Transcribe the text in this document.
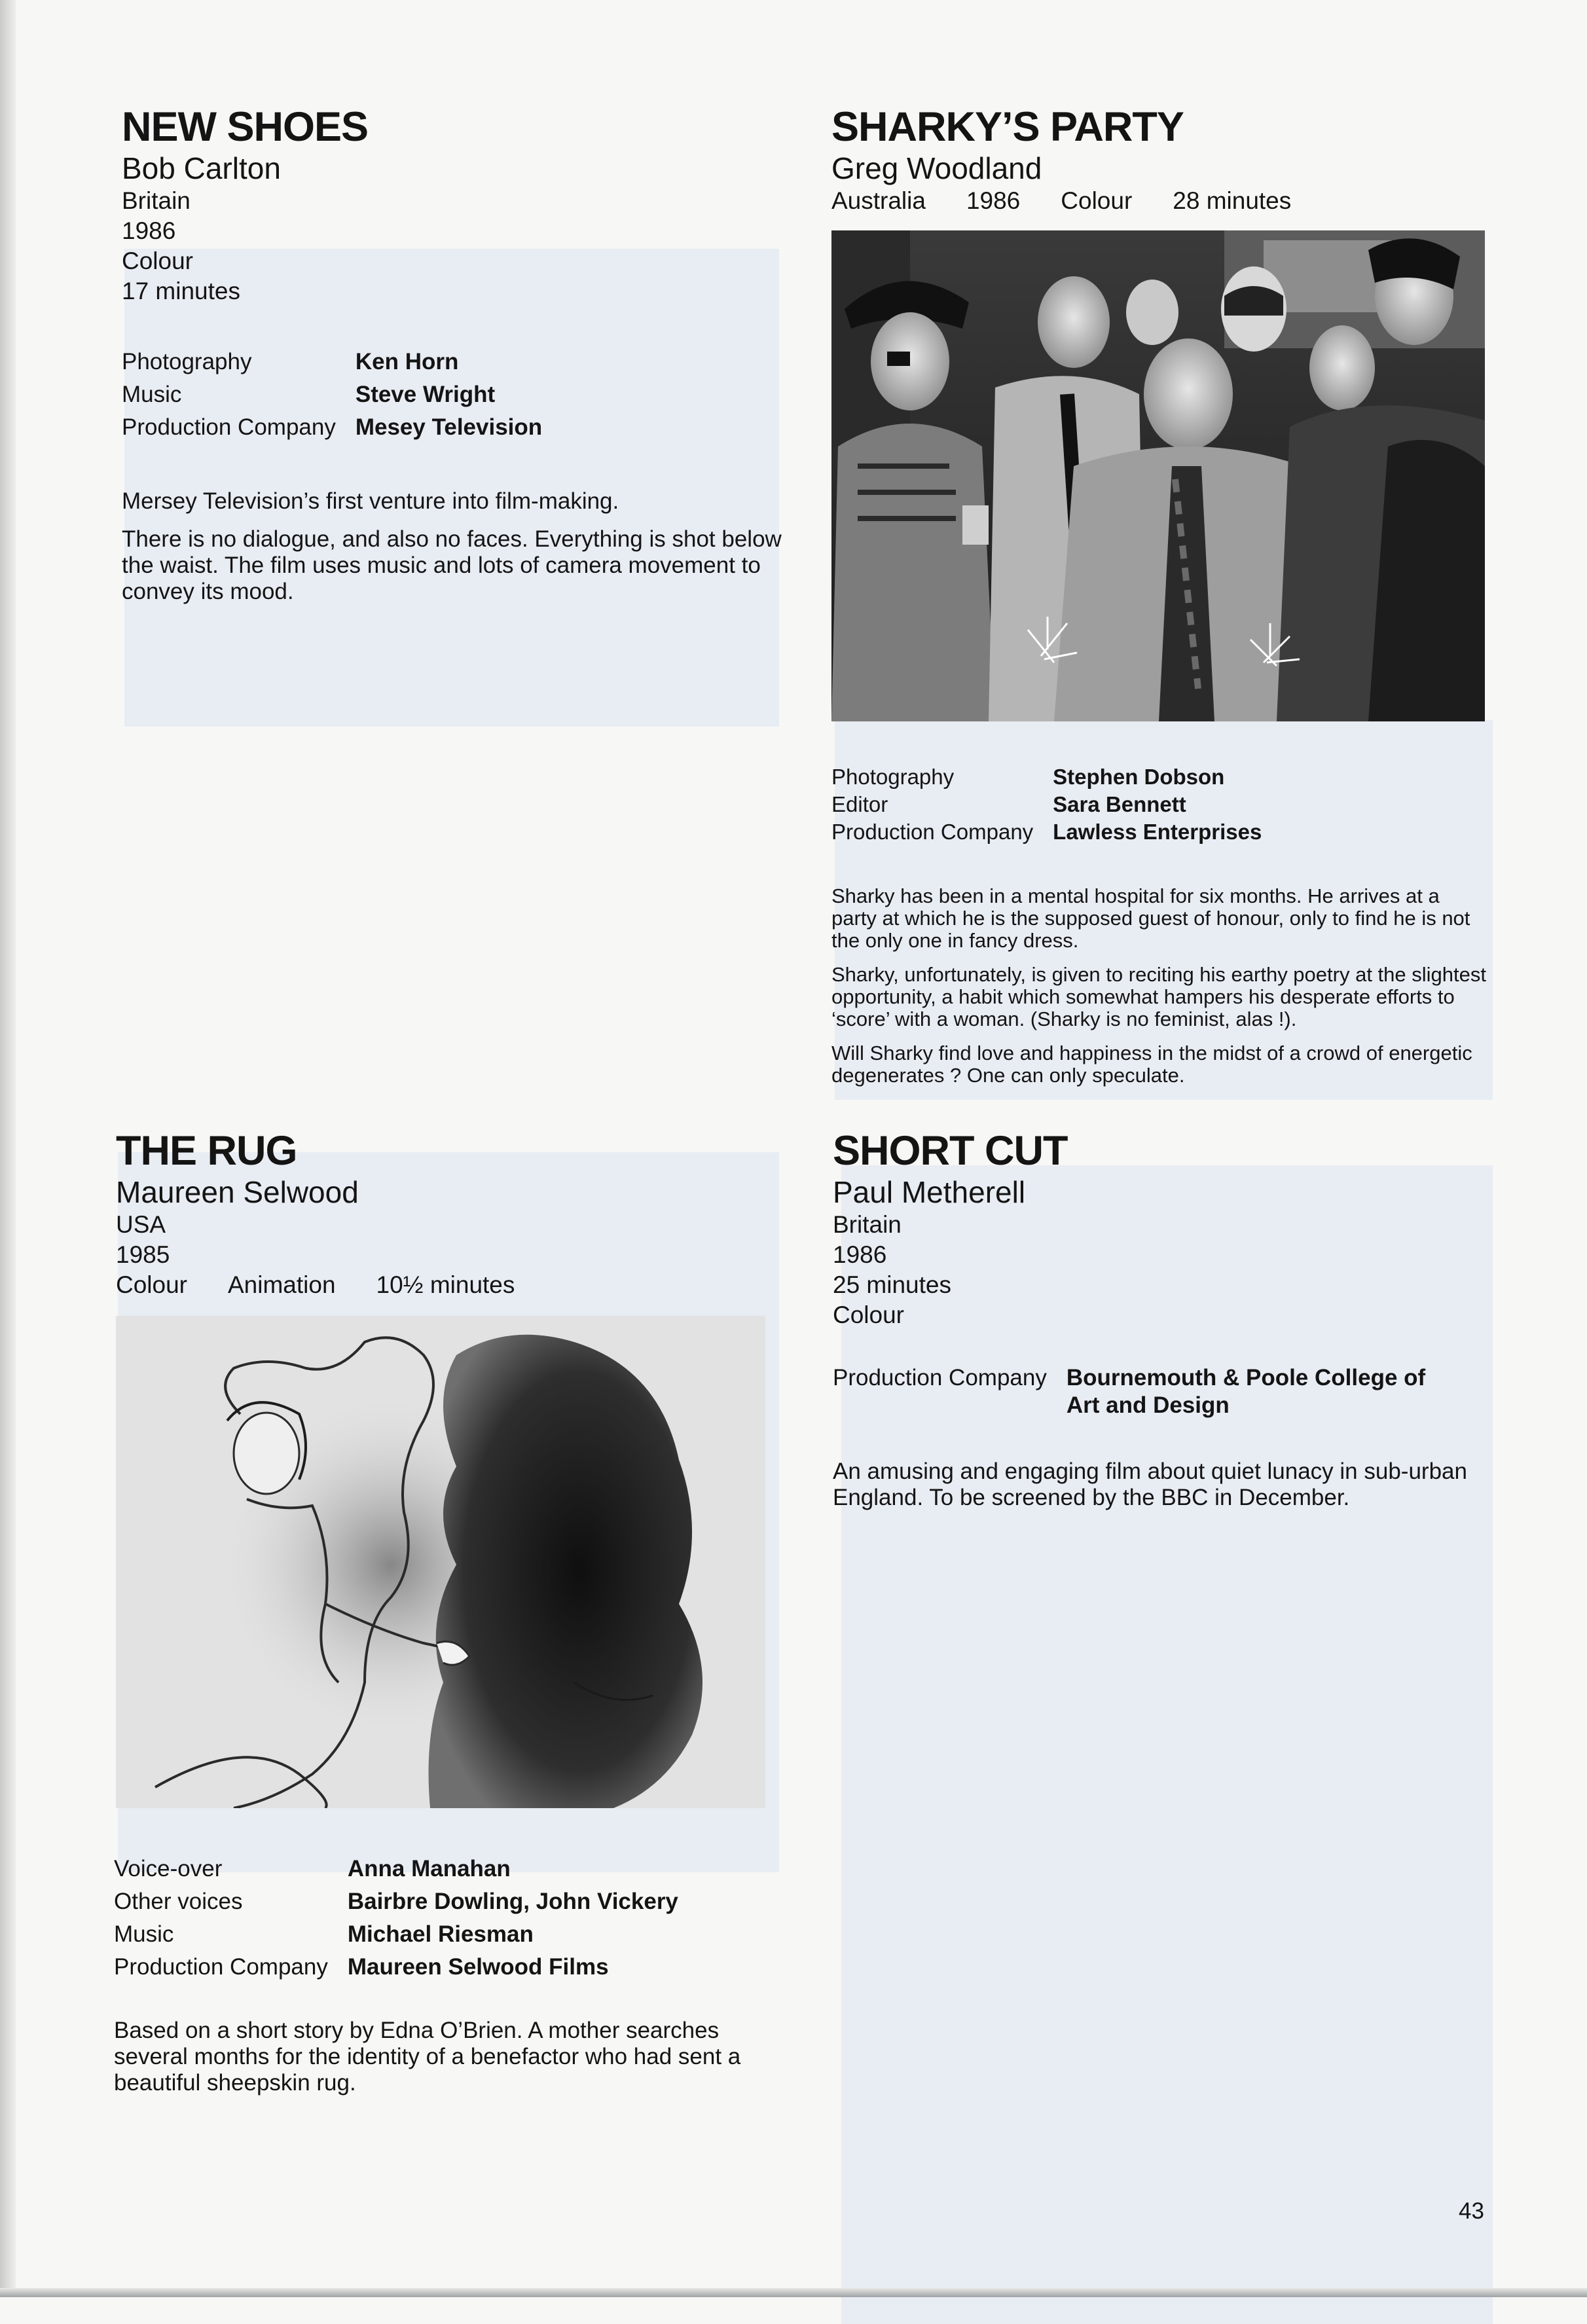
NEW SHOES

Bob Carlton

Britain
1986
Colour
17 minutes
Photography	Ken Horn
Music	Steve Wright
Production Company	Mesey Television

Mersey Television’s first venture into film-making.

There is no dialogue, and also no faces. Everything is shot below the waist. The film uses music and lots of camera movement to convey its mood.

SHARKY’S PARTY

Greg Woodland

Australia 1986 Colour 28 minutes
Photography	Stephen Dobson
Editor	Sara Bennett
Production Company	Lawless Enterprises

Sharky has been in a mental hospital for six months. He arrives at a party at which he is the supposed guest of honour, only to find he is not the only one in fancy dress.

Sharky, unfortunately, is given to reciting his earthy poetry at the slightest opportunity, a habit which somewhat hampers his desperate efforts to ‘score’ with a woman. (Sharky is no feminist, alas !).

Will Sharky find love and happiness in the midst of a crowd of energetic degenerates ? One can only speculate.

THE RUG

Maureen Selwood

USA
1985
Colour Animation 10½ minutes
Voice-over	Anna Manahan
Other voices	Bairbre Dowling, John Vickery
Music	Michael Riesman
Production Company	Maureen Selwood Films

Based on a short story by Edna O’Brien. A mother searches several months for the identity of a benefactor who had sent a beautiful sheepskin rug.

SHORT CUT

Paul Metherell

Britain
1986
25 minutes
Colour
Production Company	Bournemouth & Poole College of Art and Design

An amusing and engaging film about quiet lunacy in sub-urban England. To be screened by the BBC in December.

43
